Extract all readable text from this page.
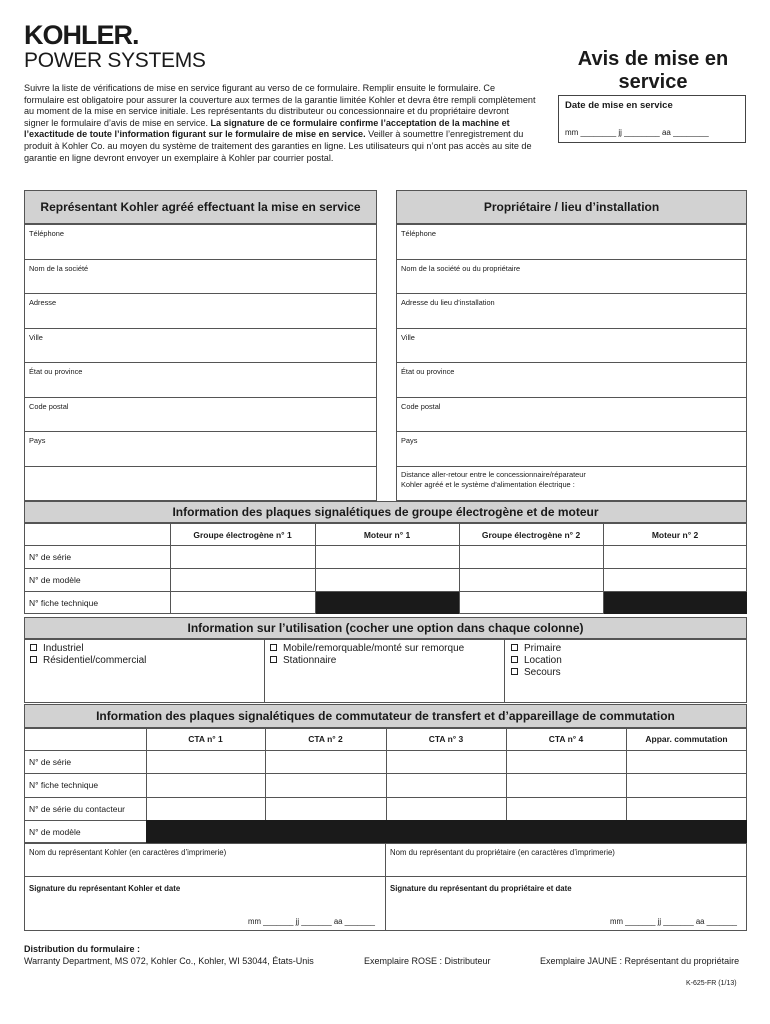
KOHLER.
POWER SYSTEMS
Suivre la liste de vérifications de mise en service figurant au verso de ce formulaire. Remplir ensuite le formulaire. Ce formulaire est obligatoire pour assurer la couverture aux termes de la garantie limitée Kohler et devra être rempli complètement au moment de la mise en service initiale. Les représentants du distributeur ou concessionnaire et du propriétaire devront signer le formulaire d’avis de mise en service. La signature de ce formulaire confirme l’acceptation de la machine et l’exactitude de toute l’information figurant sur le formulaire de mise en service. Veiller à soumettre l’enregistrement du produit à Kohler Co. au moyen du système de traitement des garanties en ligne. Les utilisateurs qui n’ont pas accès au site de garantie en ligne devront envoyer un exemplaire à Kohler par courrier postal.
Avis de mise en service
Date de mise en service
mm ________ jj ________ aa ________
Représentant Kohler agréé effectuant la mise en service	Propriétaire / lieu d’installation
Information des plaques signalétiques de groupe électrogène et de moteur
Information sur l’utilisation (cocher une option dans chaque colonne)
Information des plaques signalétiques de commutateur de transfert et d’appareillage de commutation
Distribution du formulaire :
Warranty Department, MS 072, Kohler Co., Kohler, WI 53044, États-Unis	Exemplaire ROSE : Distributeur	Exemplaire JAUNE : Représentant du propriétaire
K-625-FR (1/13)
Téléphone
Nom de la société
Adresse
Ville
État ou province
Code postal
Pays
Téléphone
Nom de la société ou du propriétaire
Adresse du lieu d’installation
Ville
État ou province
Code postal
Pays
Distance aller-retour entre le concessionnaire/réparateur
Kohler agréé et le système d’alimentation électrique :
Groupe électrogène n° 1	Moteur n° 1	Groupe électrogène n° 2	Moteur n° 2
N° de série
N° de modèle
N° fiche technique
Industriel
Résidentiel/commercial
Mobile/remorquable/monté sur remorque
Stationnaire
Primaire
Location
Secours
CTA n° 1	CTA n° 2	CTA n° 3	CTA n° 4	Appar. commutation
N° de série
N° fiche technique
N° de série du contacteur
N° de modèle
Nom du représentant Kohler (en caractères d’imprimerie)	Nom du représentant du propriétaire (en caractères d’imprimerie)
Signature du représentant Kohler et date	Signature du représentant du propriétaire et date
mm _______ jj _______ aa _______	mm _______ jj _______ aa _______
